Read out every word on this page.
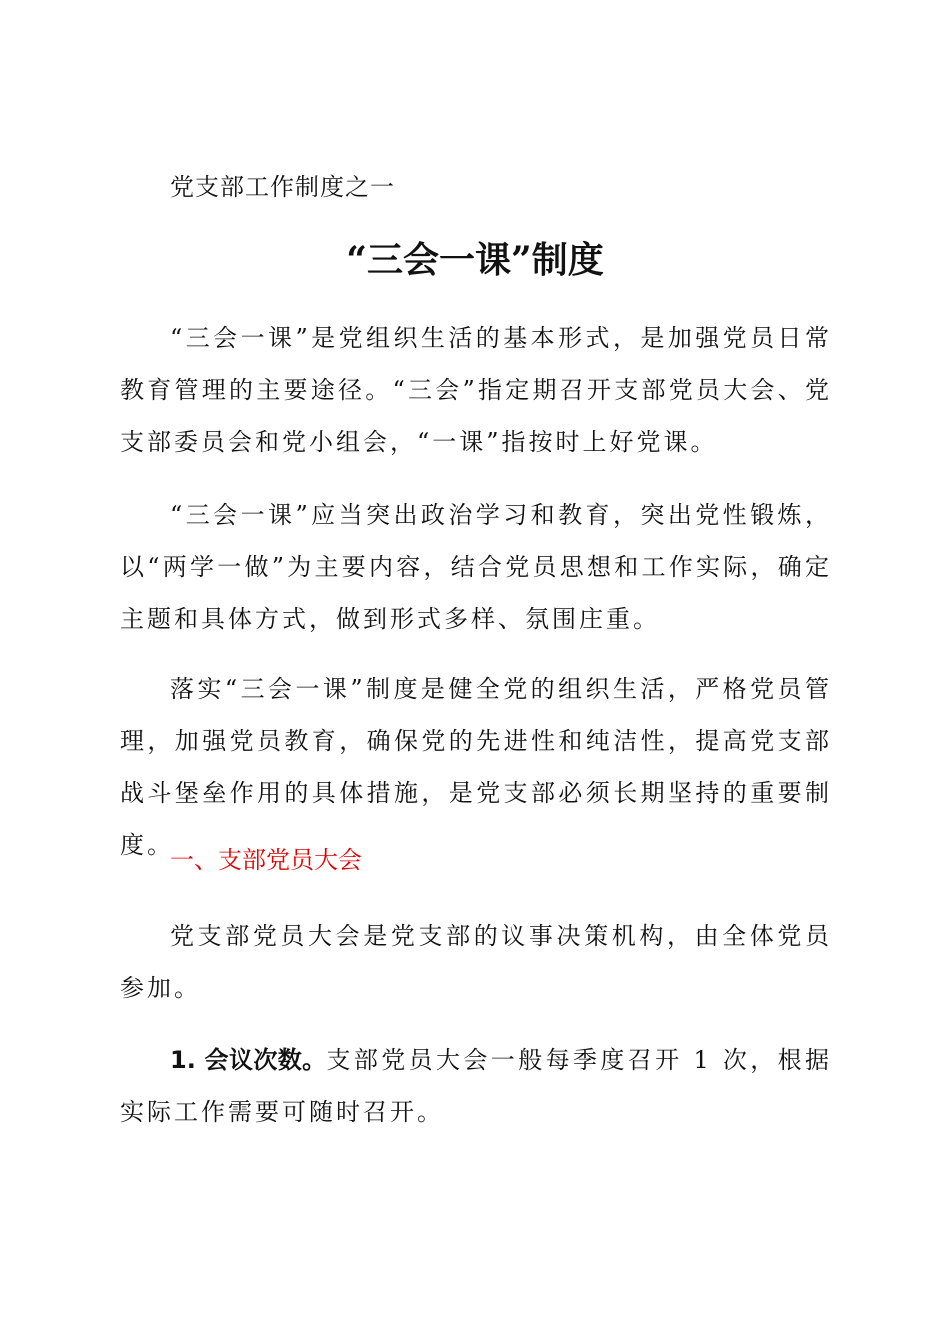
党支部工作制度之一
“三会一课”制度

“三会一课”是党组织生活的基本形式，是加强党员日常教育管理的主要途径。“三会”指定期召开支部党员大会、党支部委员会和党小组会，“一课”指按时上好党课。

“三会一课”应当突出政治学习和教育，突出党性锻炼，以“两学一做”为主要内容，结合党员思想和工作实际，确定主题和具体方式，做到形式多样、氛围庄重。

落实“三会一课”制度是健全党的组织生活，严格党员管理，加强党员教育，确保党的先进性和纯洁性，提高党支部战斗堡垒作用的具体措施，是党支部必须长期坚持的重要制度。

一、支部党员大会

党支部党员大会是党支部的议事决策机构，由全体党员参加。

1. 会议次数。支部党员大会一般每季度召开 1 次，根据实际工作需要可随时召开。
